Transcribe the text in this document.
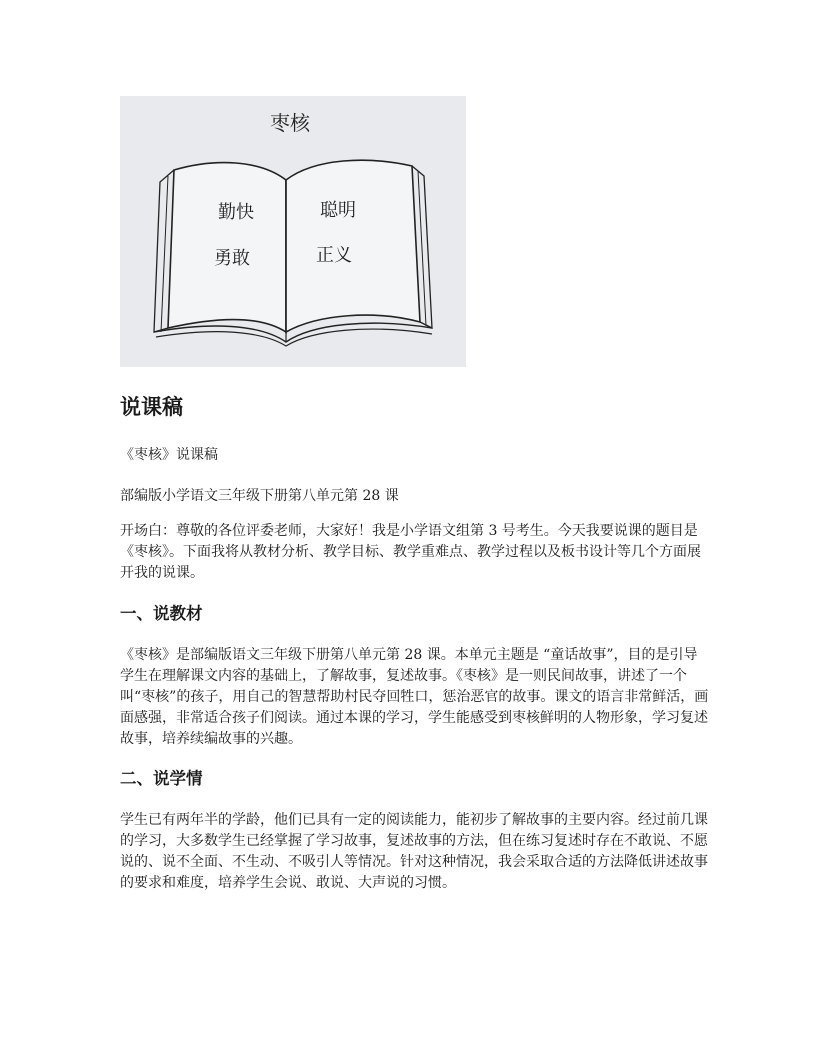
枣核
勤快
勇敢
聪明
正义
说课稿

《枣核》说课稿

部编版小学语文三年级下册第八单元第 28 课

开场白：尊敬的各位评委老师，大家好！我是小学语文组第 3 号考生。今天我要说课的题目是《枣核》。下面我将从教材分析、教学目标、教学重难点、教学过程以及板书设计等几个方面展开我的说课。

一、说教材

《枣核》是部编版语文三年级下册第八单元第 28 课。本单元主题是 “童话故事”，目的是引导学生在理解课文内容的基础上，了解故事，复述故事。《枣核》是一则民间故事，讲述了一个叫“枣核”的孩子，用自己的智慧帮助村民夺回牲口，惩治恶官的故事。课文的语言非常鲜活，画面感强，非常适合孩子们阅读。通过本课的学习，学生能感受到枣核鲜明的人物形象，学习复述故事，培养续编故事的兴趣。

二、说学情

学生已有两年半的学龄，他们已具有一定的阅读能力，能初步了解故事的主要内容。经过前几课的学习，大多数学生已经掌握了学习故事，复述故事的方法，但在练习复述时存在不敢说、不愿说的、说不全面、不生动、不吸引人等情况。针对这种情况，我会采取合适的方法降低讲述故事的要求和难度，培养学生会说、敢说、大声说的习惯。
